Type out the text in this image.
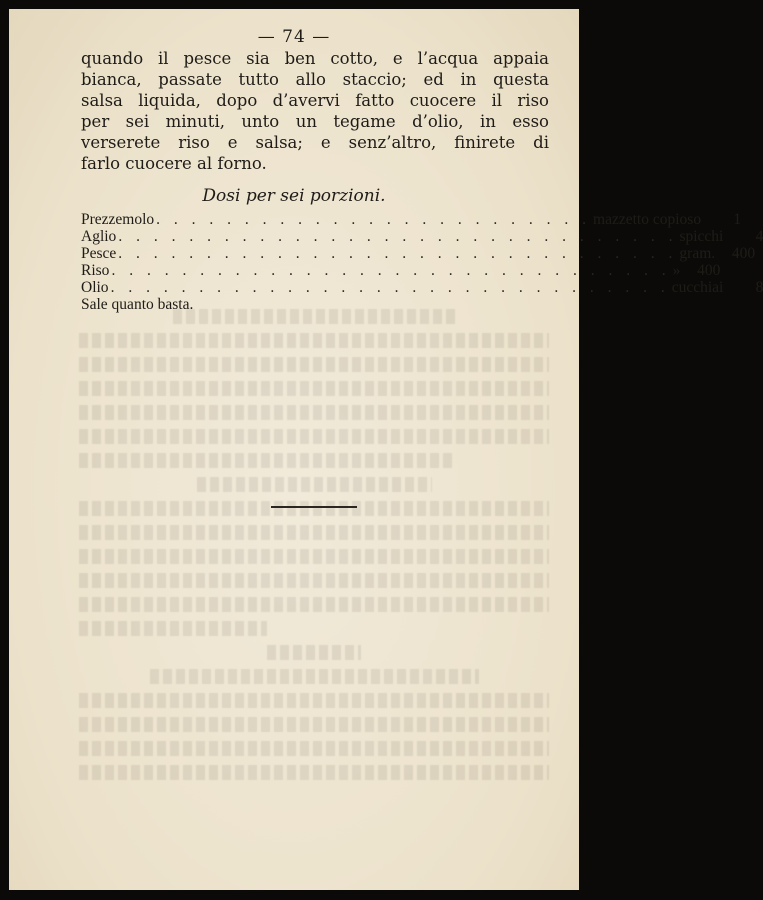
— 74 —
quando il pesce sia ben cotto, e l’acqua appaia
bianca, passate tutto allo staccio; ed in questa
salsa liquida, dopo d’avervi fatto cuocere il riso
per sei minuti, unto un tegame d’olio, in esso
verserete riso e salsa; e senz’altro, finirete di
farlo cuocere al forno.
Dosi per sei porzioni.
Prezzemolo . . . . . . . . . . . . . . . . . . . . . . . . . mazzetto copioso	1
Aglio . . . . . . . . . . . . . . . . . . . . . . . . . . . . . . . . spicchi	4
Pesce . . . . . . . . . . . . . . . . . . . . . . . . . . . . . . . . gram.	400
Riso . . . . . . . . . . . . . . . . . . . . . . . . . . . . . . . . »	400
Olio . . . . . . . . . . . . . . . . . . . . . . . . . . . . . . . . cucchiai	8
Sale quanto basta.
